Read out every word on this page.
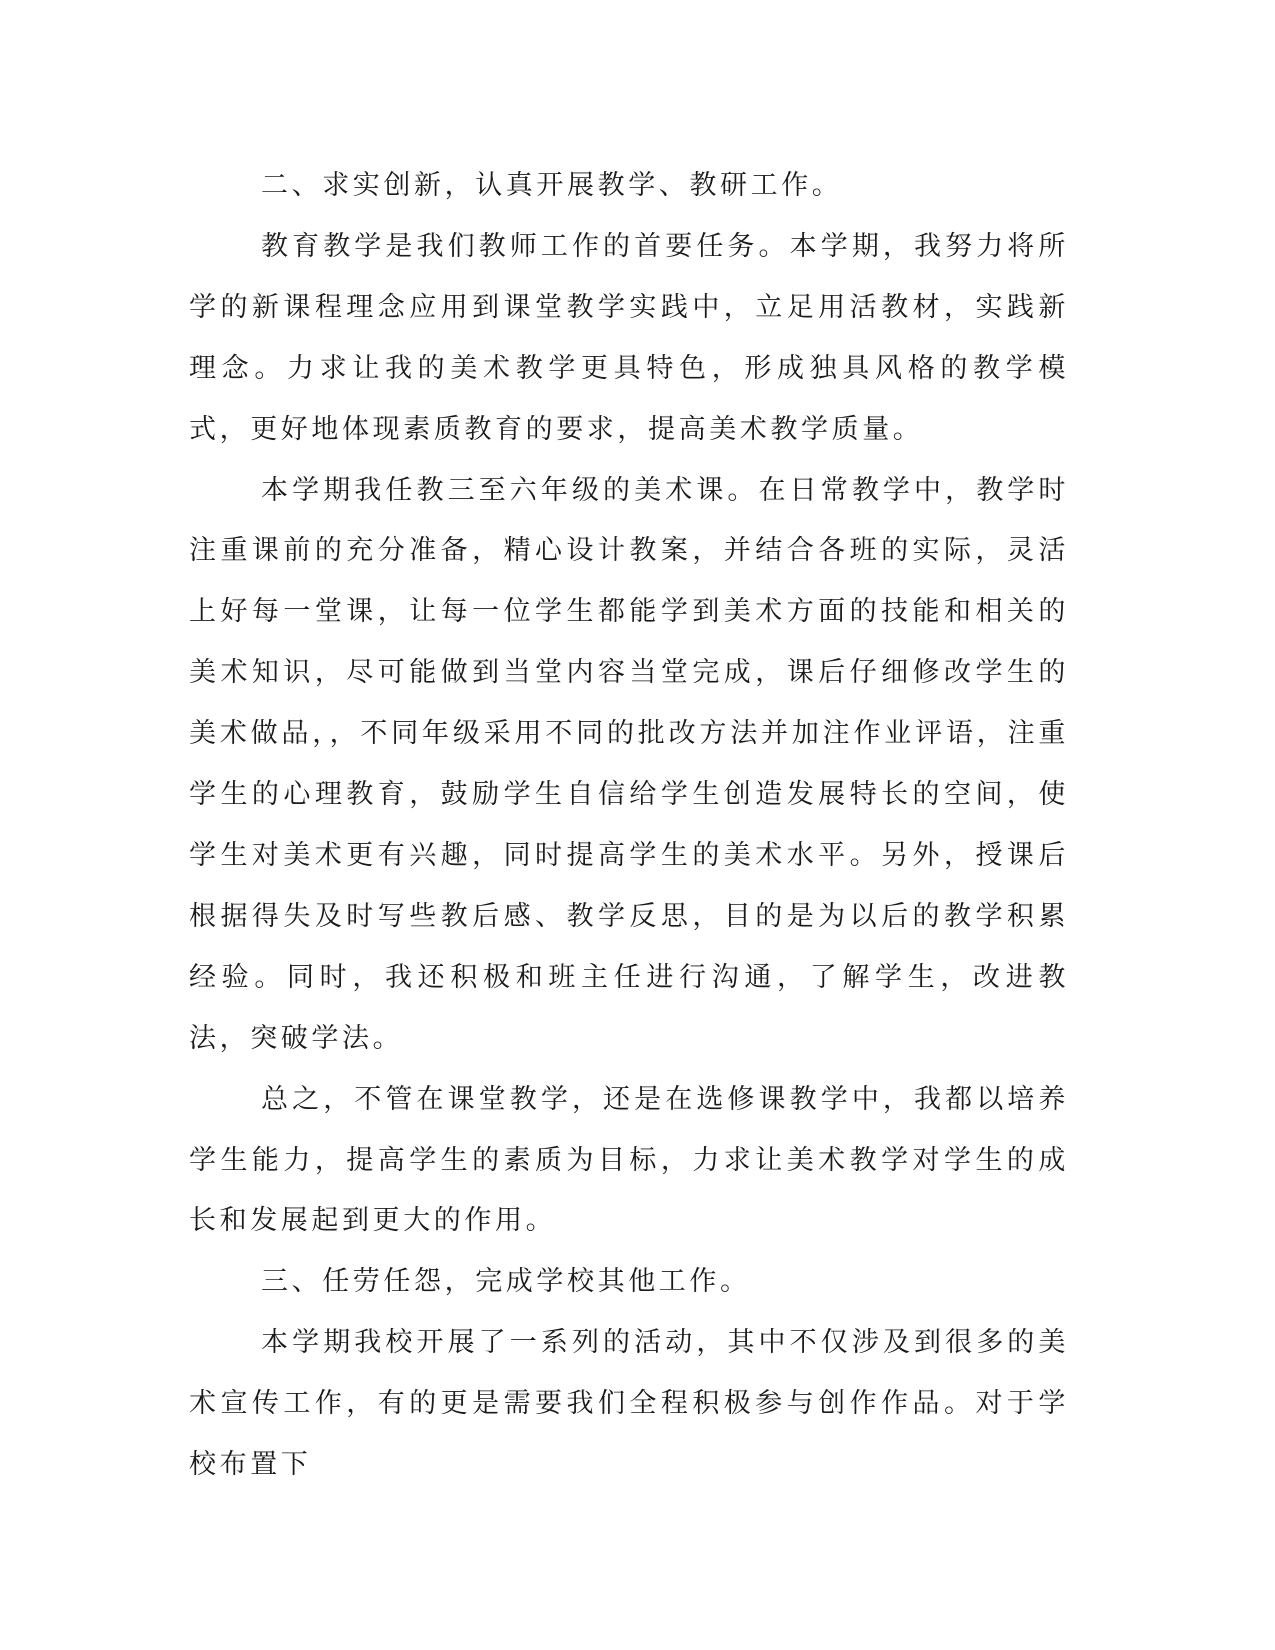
二、求实创新，认真开展教学、教研工作。

教育教学是我们教师工作的首要任务。本学期，我努力将所学的新课程理念应用到课堂教学实践中，立足用活教材，实践新理念。力求让我的美术教学更具特色，形成独具风格的教学模式，更好地体现素质教育的要求，提高美术教学质量。

本学期我任教三至六年级的美术课。在日常教学中，教学时注重课前的充分准备，精心设计教案，并结合各班的实际，灵活上好每一堂课，让每一位学生都能学到美术方面的技能和相关的美术知识，尽可能做到当堂内容当堂完成，课后仔细修改学生的美术做品，，不同年级采用不同的批改方法并加注作业评语，注重学生的心理教育，鼓励学生自信给学生创造发展特长的空间，使学生对美术更有兴趣，同时提高学生的美术水平。另外，授课后根据得失及时写些教后感、教学反思，目的是为以后的教学积累经验。同时，我还积极和班主任进行沟通，了解学生，改进教法，突破学法。

总之，不管在课堂教学，还是在选修课教学中，我都以培养学生能力，提高学生的素质为目标，力求让美术教学对学生的成长和发展起到更大的作用。

三、任劳任怨，完成学校其他工作。

本学期我校开展了一系列的活动，其中不仅涉及到很多的美术宣传工作，有的更是需要我们全程积极参与创作作品。对于学校布置下
